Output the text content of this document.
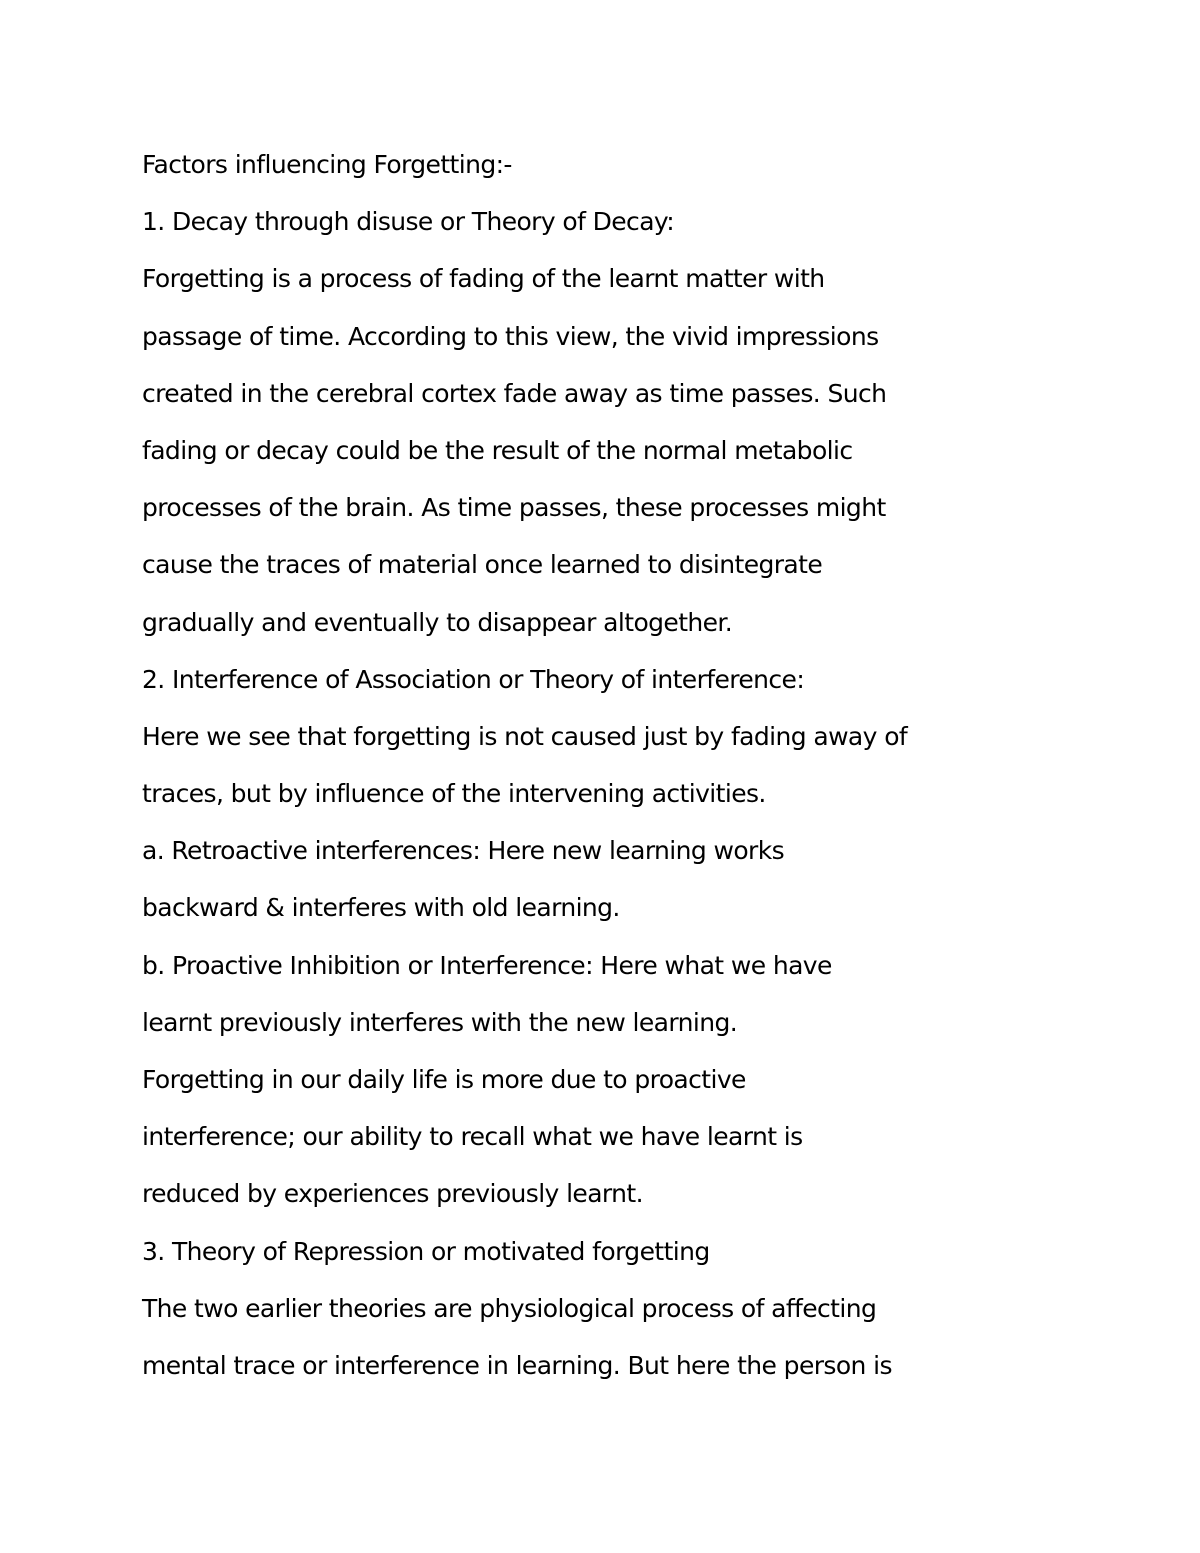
Factors influencing Forgetting:-
1. Decay through disuse or Theory of Decay:
Forgetting is a process of fading of the learnt matter with
passage of time. According to this view, the vivid impressions
created in the cerebral cortex fade away as time passes. Such
fading or decay could be the result of the normal metabolic
processes of the brain. As time passes, these processes might
cause the traces of material once learned to disintegrate
gradually and eventually to disappear altogether.
2. Interference of Association or Theory of interference:
Here we see that forgetting is not caused just by fading away of
traces, but by influence of the intervening activities.
a. Retroactive interferences: Here new learning works
backward & interferes with old learning.
b. Proactive Inhibition or Interference: Here what we have
learnt previously interferes with the new learning.
Forgetting in our daily life is more due to proactive
interference; our ability to recall what we have learnt is
reduced by experiences previously learnt.
3. Theory of Repression or motivated forgetting
The two earlier theories are physiological process of affecting
mental trace or interference in learning. But here the person is
